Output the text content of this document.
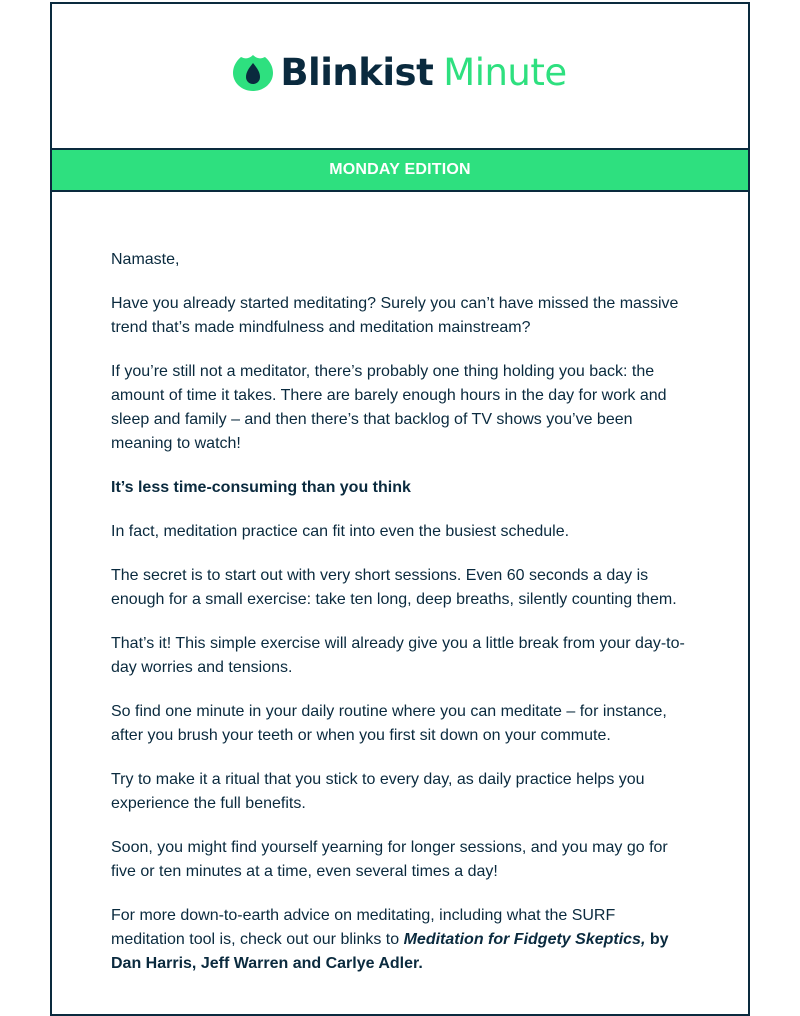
Blinkist Minute
MONDAY EDITION

Namaste,

Have you already started meditating? Surely you can’t have missed the massive trend that’s made mindfulness and meditation mainstream?

If you’re still not a meditator, there’s probably one thing holding you back: the amount of time it takes. There are barely enough hours in the day for work and sleep and family – and then there’s that backlog of TV shows you’ve been meaning to watch!

It’s less time-consuming than you think

In fact, meditation practice can fit into even the busiest schedule.

The secret is to start out with very short sessions. Even 60 seconds a day is enough for a small exercise: take ten long, deep breaths, silently counting them.

That’s it! This simple exercise will already give you a little break from your day-to-day worries and tensions.

So find one minute in your daily routine where you can meditate – for instance, after you brush your teeth or when you first sit down on your commute.

Try to make it a ritual that you stick to every day, as daily practice helps you experience the full benefits.

Soon, you might find yourself yearning for longer sessions, and you may go for five or ten minutes at a time, even several times a day!

For more down-to-earth advice on meditating, including what the SURF meditation tool is, check out our blinks to Meditation for Fidgety Skeptics, by Dan Harris, Jeff Warren and Carlye Adler.
